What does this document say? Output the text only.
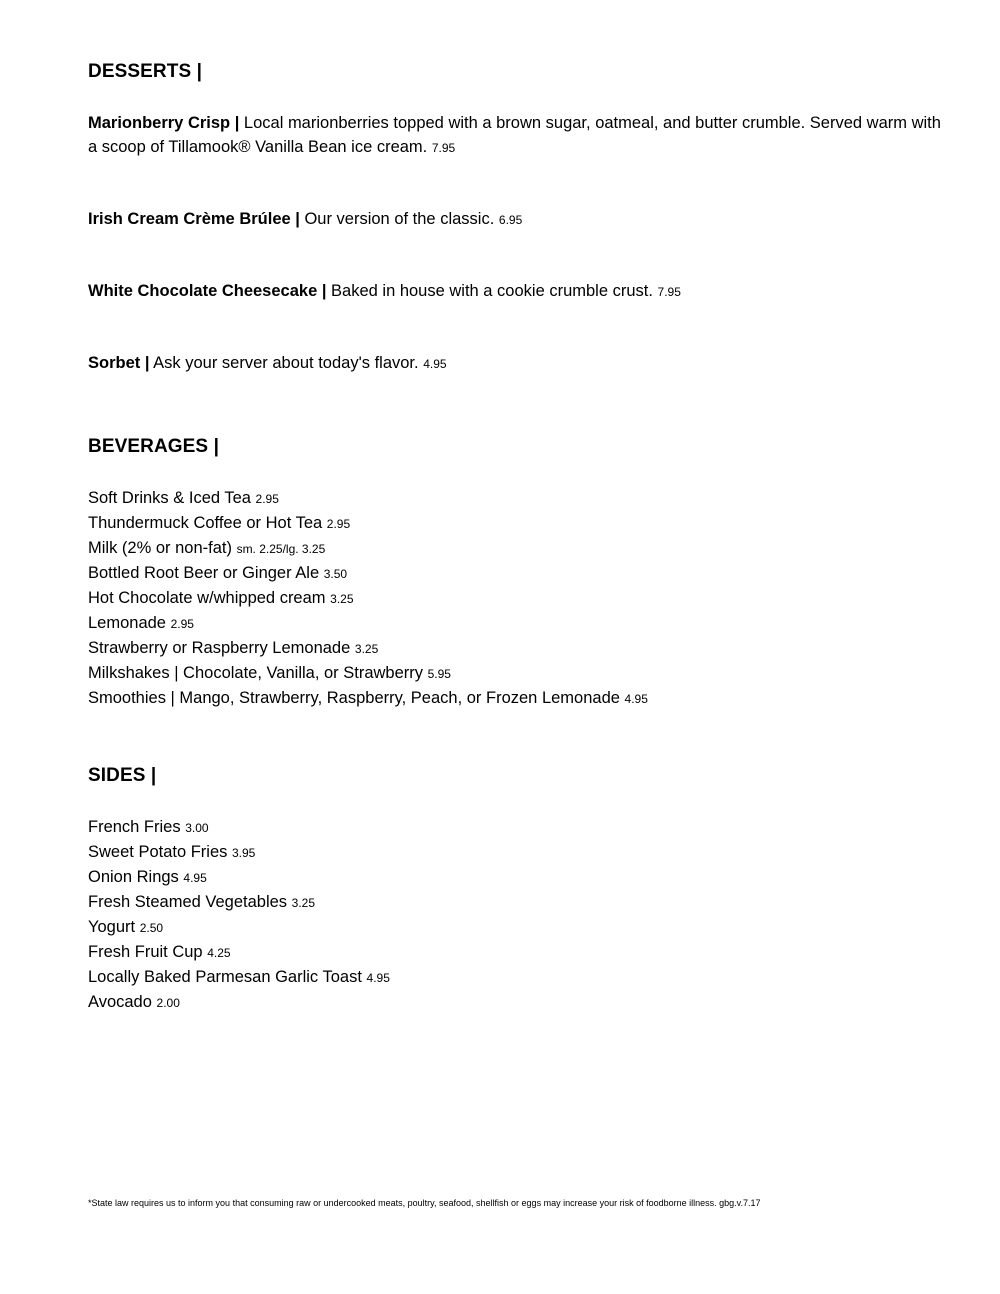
DESSERTS |

Marionberry Crisp | Local marionberries topped with a brown sugar, oatmeal, and butter crumble. Served warm with a scoop of Tillamook® Vanilla Bean ice cream. 7.95

Irish Cream Crème Brúlee | Our version of the classic. 6.95

White Chocolate Cheesecake | Baked in house with a cookie crumble crust. 7.95

Sorbet | Ask your server about today's flavor. 4.95

BEVERAGES |
Soft Drinks & Iced Tea 2.95
Thundermuck Coffee or Hot Tea 2.95
Milk (2% or non-fat) sm. 2.25/lg. 3.25
Bottled Root Beer or Ginger Ale 3.50
Hot Chocolate w/whipped cream 3.25
Lemonade 2.95
Strawberry or Raspberry Lemonade 3.25
Milkshakes | Chocolate, Vanilla, or Strawberry 5.95
Smoothies | Mango, Strawberry, Raspberry, Peach, or Frozen Lemonade 4.95
SIDES |
French Fries 3.00
Sweet Potato Fries 3.95
Onion Rings 4.95
Fresh Steamed Vegetables 3.25
Yogurt 2.50
Fresh Fruit Cup 4.25
Locally Baked Parmesan Garlic Toast 4.95
Avocado 2.00

*State law requires us to inform you that consuming raw or undercooked meats, poultry, seafood, shellfish or eggs may increase your risk of foodborne illness. gbg.v.7.17
